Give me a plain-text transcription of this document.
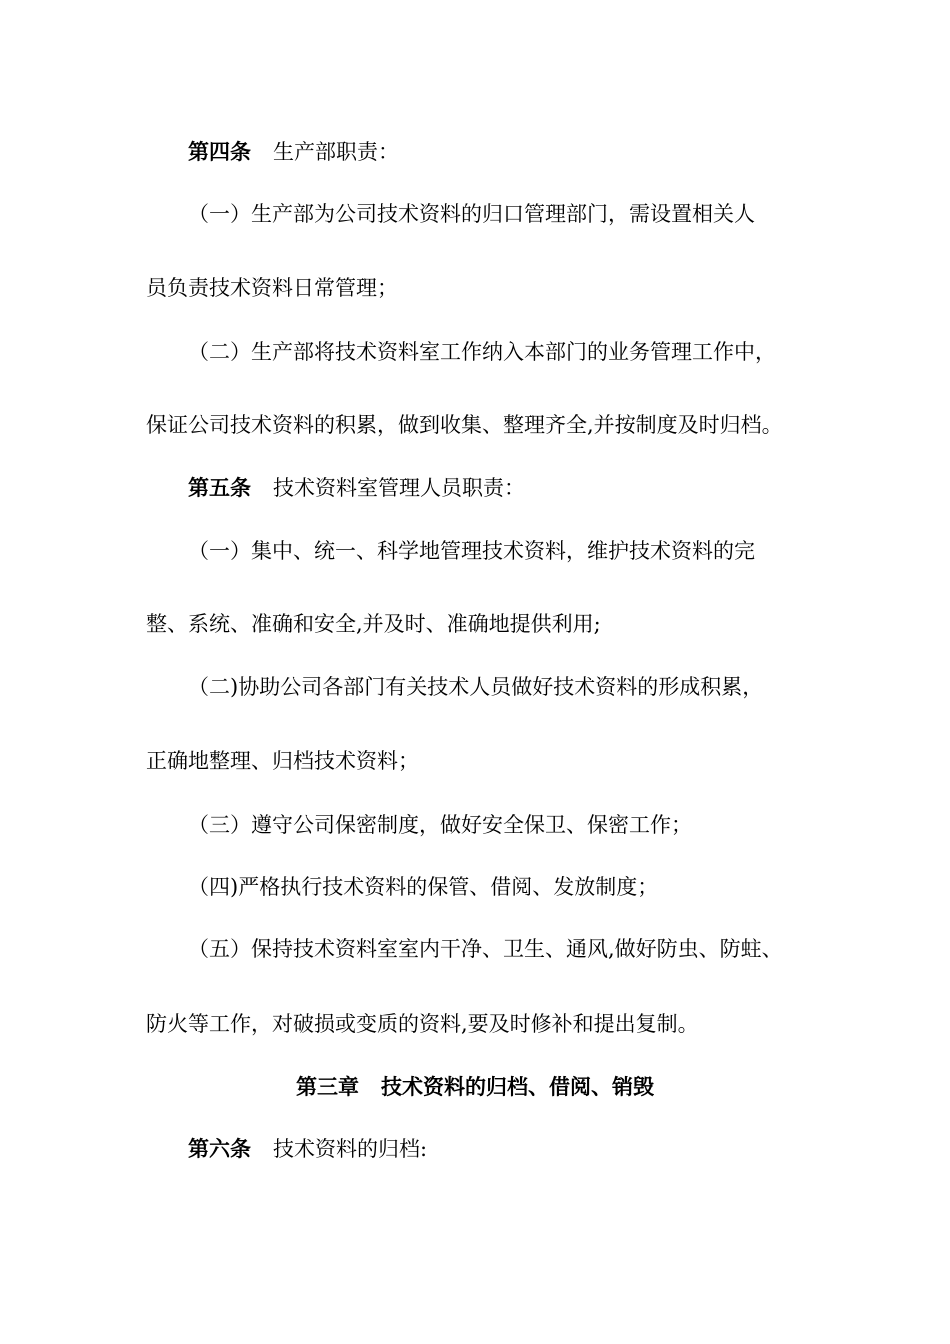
第四条 生产部职责：
（一）生产部为公司技术资料的归口管理部门，需设置相关人
员负责技术资料日常管理；
（二）生产部将技术资料室工作纳入本部门的业务管理工作中，
保证公司技术资料的积累，做到收集、整理齐全,并按制度及时归档。
第五条 技术资料室管理人员职责：
（一）集中、统一、科学地管理技术资料，维护技术资料的完
整、系统、准确和安全,并及时、准确地提供利用;
（二)协助公司各部门有关技术人员做好技术资料的形成积累，
正确地整理、归档技术资料；
（三）遵守公司保密制度，做好安全保卫、保密工作；
（四)严格执行技术资料的保管、借阅、发放制度；
（五）保持技术资料室室内干净、卫生、通风,做好防虫、防蛀、
防火等工作，对破损或变质的资料,要及时修补和提出复制。
第三章 技术资料的归档、借阅、销毁
第六条 技术资料的归档:
